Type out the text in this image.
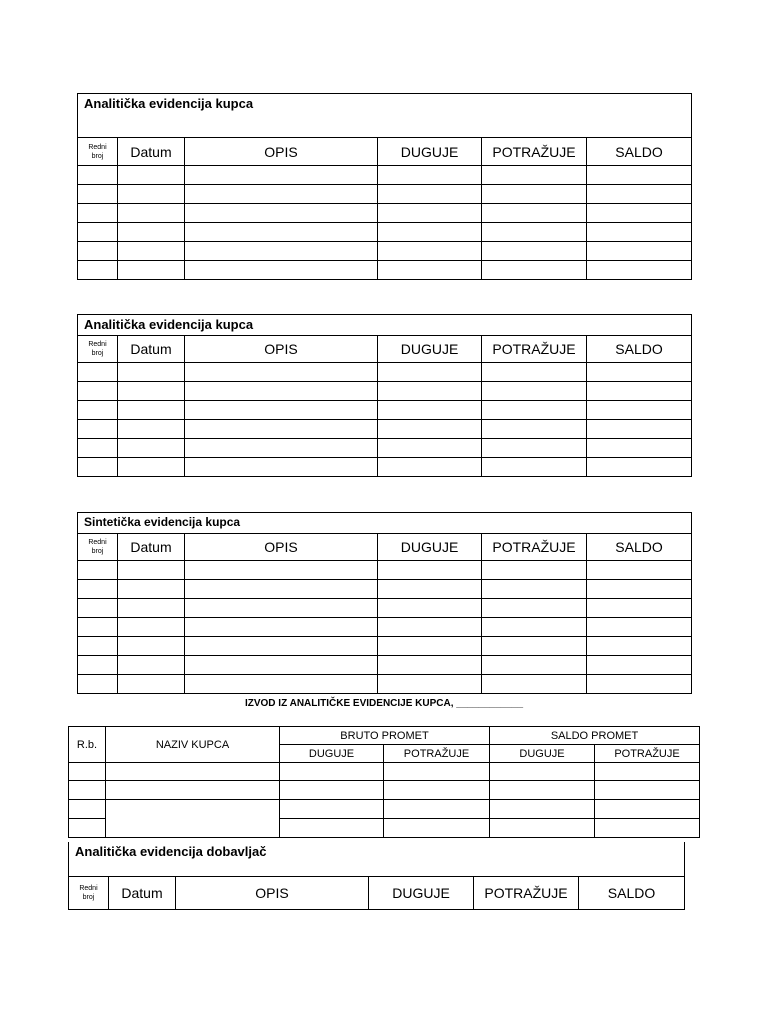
Analitička evidencija kupca					
Redni
broj	Datum	OPIS	DUGUJE	POTRAŽUJE	SALDO

Analitička evidencija kupca					
Redni
broj	Datum	OPIS	DUGUJE	POTRAŽUJE	SALDO

Sintetička evidencija kupca					
Redni
broj	Datum	OPIS	DUGUJE	POTRAŽUJE	SALDO

IZVOD IZ ANALITIČKE EVIDENCIJE KUPCA, ____________
R.b.	NAZIV KUPCA	BRUTO PROMET		SALDO PROMET	
		DUGUJE	POTRAŽUJE	DUGUJE	POTRAŽUJE

Analitička evidencija dobavljač
Redni
broj	Datum	OPIS	DUGUJE	POTRAŽUJE	SALDO
